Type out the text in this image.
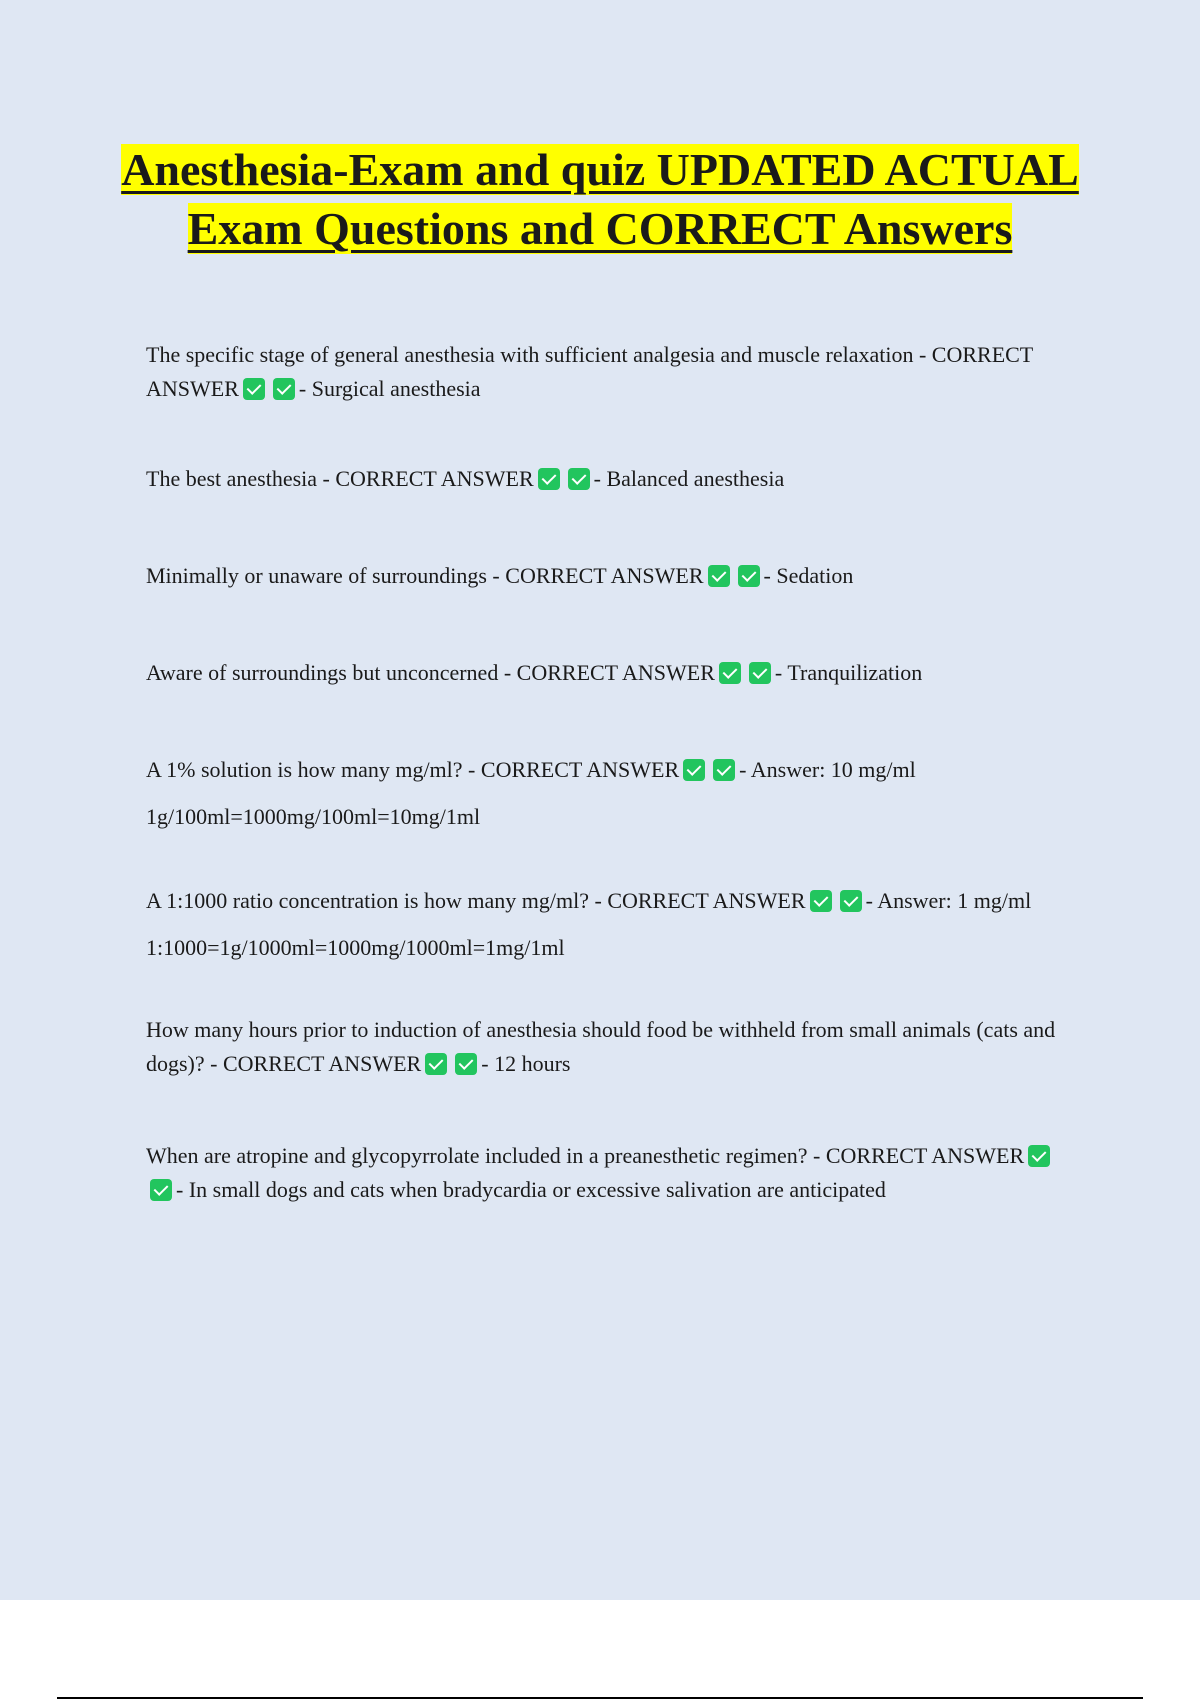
Anesthesia-Exam and quiz UPDATED ACTUAL Exam Questions and CORRECT Answers

The specific stage of general anesthesia with sufficient analgesia and muscle relaxation - CORRECT ANSWER	- Surgical anesthesia

The best anesthesia - CORRECT ANSWER	- Balanced anesthesia

Minimally or unaware of surroundings - CORRECT ANSWER	- Sedation

Aware of surroundings but unconcerned - CORRECT ANSWER	- Tranquilization

A 1% solution is how many mg/ml? - CORRECT ANSWER	- Answer: 10 mg/ml

1g/100ml=1000mg/100ml=10mg/1ml

A 1:1000 ratio concentration is how many mg/ml? - CORRECT ANSWER	- Answer: 1 mg/ml

1:1000=1g/1000ml=1000mg/1000ml=1mg/1ml

How many hours prior to induction of anesthesia should food be withheld from small animals (cats and dogs)? - CORRECT ANSWER	- 12 hours

When are atropine and glycopyrrolate included in a preanesthetic regimen? - CORRECT ANSWER- In small dogs and cats when bradycardia or excessive salivation are anticipated
